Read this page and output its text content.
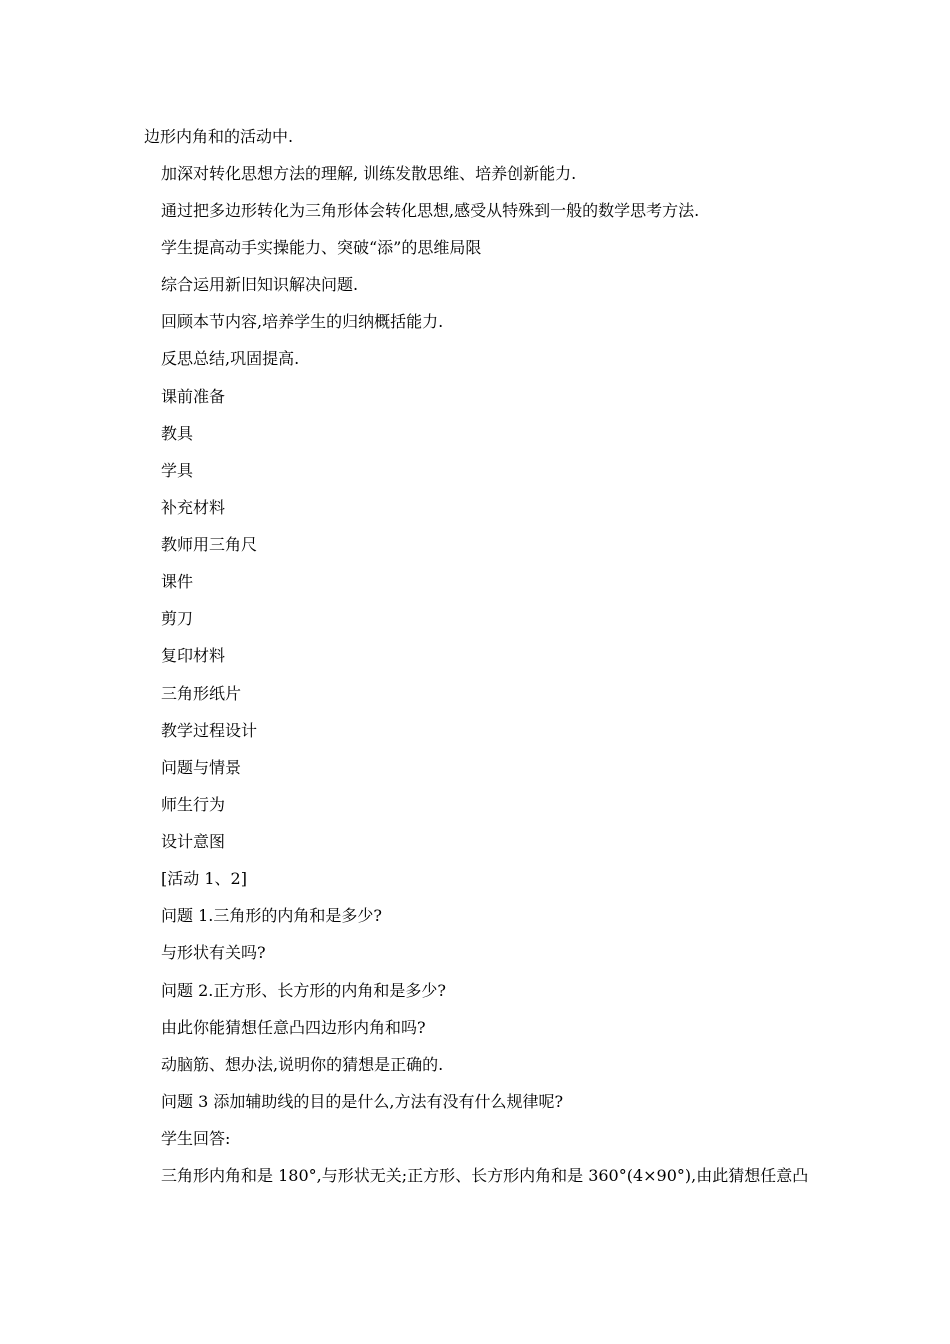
边形内角和的活动中.
加深对转化思想方法的理解, 训练发散思维、培养创新能力.
通过把多边形转化为三角形体会转化思想,感受从特殊到一般的数学思考方法.
学生提高动手实操能力、突破“添”的思维局限
综合运用新旧知识解决问题.
回顾本节内容,培养学生的归纳概括能力.
反思总结,巩固提高.
课前准备
教具
学具
补充材料
教师用三角尺
课件
剪刀
复印材料
三角形纸片
教学过程设计
问题与情景
师生行为
设计意图
[活动 1、2]
问题 1.三角形的内角和是多少?
与形状有关吗?
问题 2.正方形、长方形的内角和是多少?
由此你能猜想任意凸四边形内角和吗?
动脑筋、想办法,说明你的猜想是正确的.
问题 3 添加辅助线的目的是什么,方法有没有什么规律呢?
学生回答:
三角形内角和是 180°,与形状无关;正方形、长方形内角和是 360°(4×90°),由此猜想任意凸
